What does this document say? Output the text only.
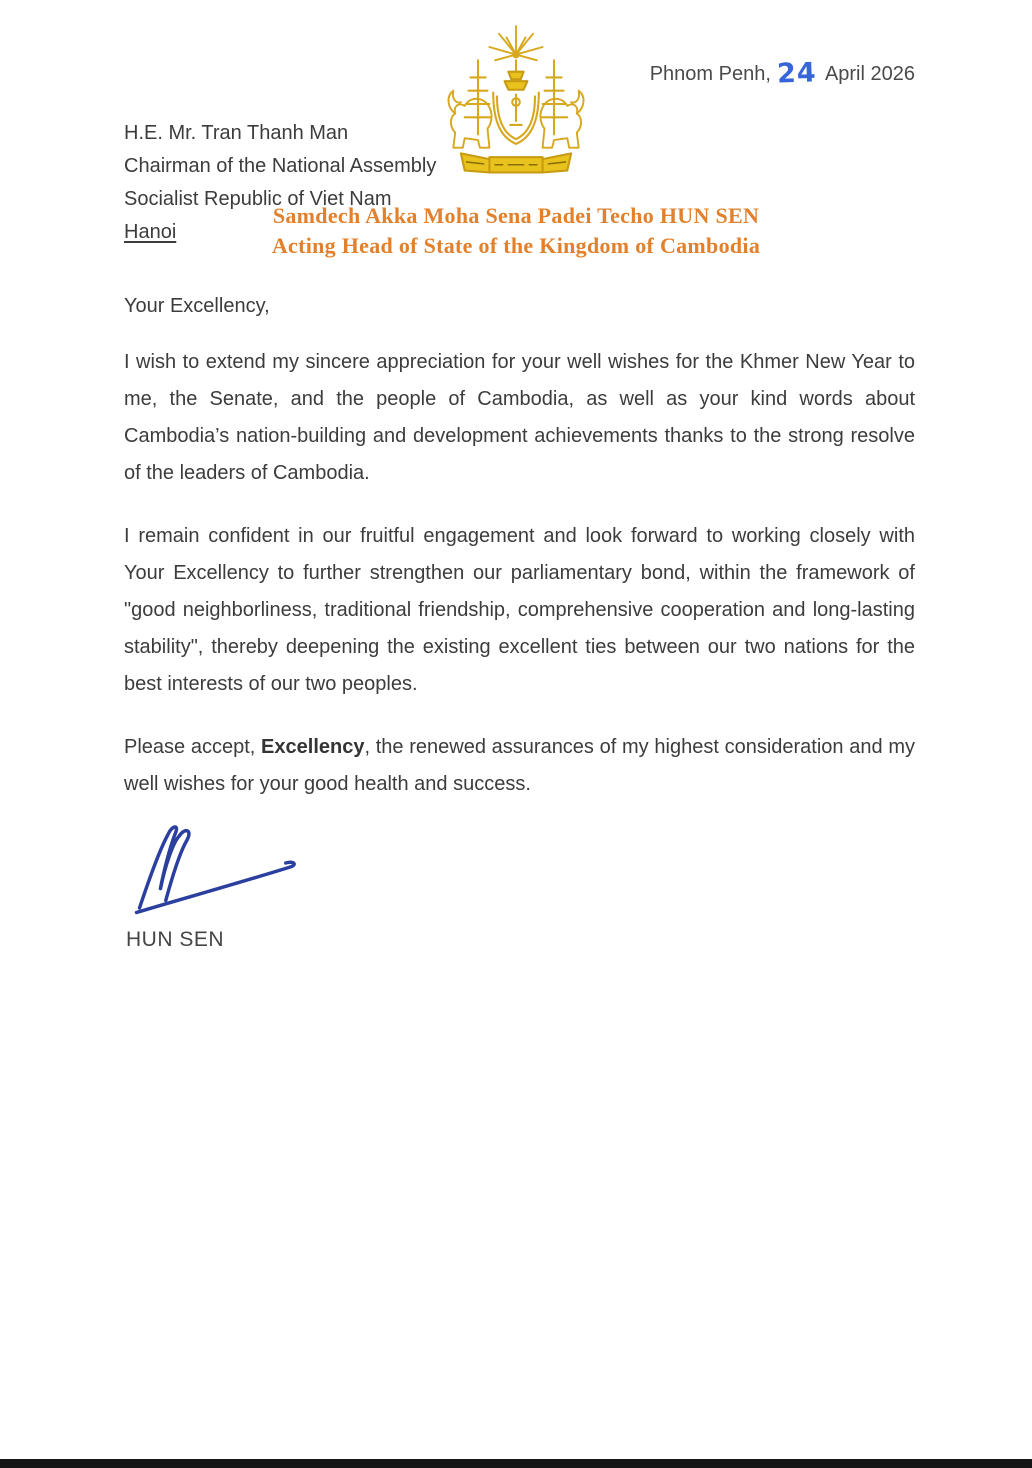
Samdech Akka Moha Sena Padei Techo HUN SEN
Acting Head of State of the Kingdom of Cambodia
Phnom Penh, 24 April 2026
H.E. Mr. Tran Thanh Man
Chairman of the National Assembly
Socialist Republic of Viet Nam
Hanoi
Your Excellency,

I wish to extend my sincere appreciation for your well wishes for the Khmer New Year to me, the Senate, and the people of Cambodia, as well as your kind words about Cambodia’s nation-building and development achievements thanks to the strong resolve of the leaders of Cambodia.

I remain confident in our fruitful engagement and look forward to working closely with Your Excellency to further strengthen our parliamentary bond, within the framework of "good neighborliness, traditional friendship, comprehensive cooperation and long-lasting stability", thereby deepening the existing excellent ties between our two nations for the best interests of our two peoples.

Please accept, Excellency, the renewed assurances of my highest consideration and my well wishes for your good health and success.

HUN SEN
